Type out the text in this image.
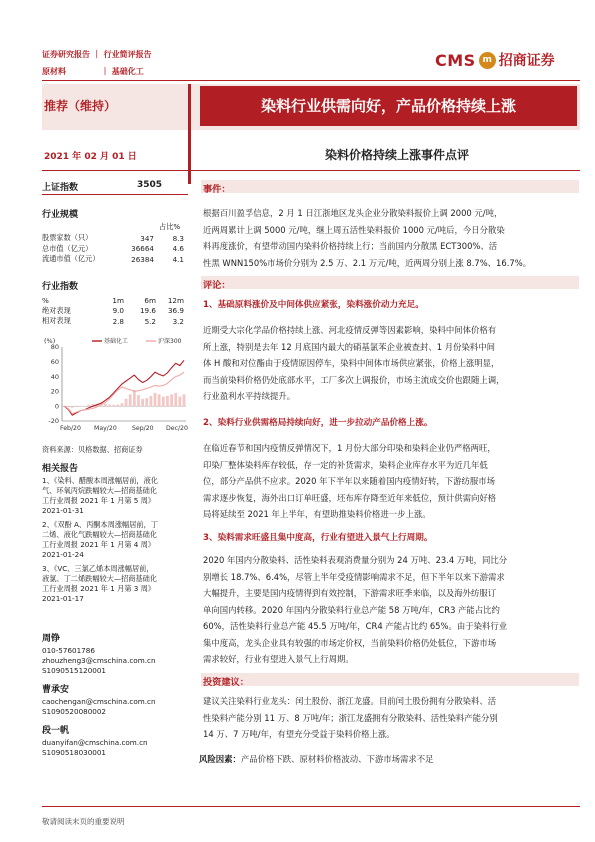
证券研究报告 ｜ 行业简评报告
原材料	｜ 基础化工
CMS m 招商证券
推荐（维持）	染料行业供需向好，产品价格持续上涨
2021 年 02 月 01 日	染料价格持续上涨事件点评
上证指数	3505
行业规模
占比%
股票家数（只）	347	8.3
总市值（亿元）	36664	4.6
流通市值（亿元）	26384	4.1
行业指数
%	1m	6m	12m
绝对表现	9.0	19.6	36.9
相对表现	2.8	5.2	3.2
(%)
80
60
40
20
0
-20
Feb/20 May/20 Sep/20 Dec/20
基础化工	沪深300
资料来源：贝格数据、招商证券
相关报告
1、《染料、醋酸本周涨幅居前，液化
气、环氧丙烷跌幅较大—招商基础化
工行业周报 2021 年 1 月第 5 周》
2021-01-31
2、《双酚 A、丙酮本周涨幅居前，丁
二烯、液化气跌幅较大—招商基础化
工行业周报 2021 年 1 月第 4 周》
2021-01-24
3、《VC、三氯乙烯本周涨幅居前，
液氯、丁二烯跌幅较大—招商基础化
工行业周报 2021 年 1 月第 3 周》
2021-01-17
周铮
010-57601786
zhouzheng3@cmschina.com.cn
S1090515120001
曹承安
caochengan@cmschina.com.cn
S1090520080002
段一帆
duanyifan@cmschina.com.cn
S1090518030001
事件：
根据百川盈孚信息，2 月 1 日江浙地区龙头企业分散染料报价上调 2000 元/吨，
近两周累计上调 5000 元/吨，继上周五活性染料报价 1000 元/吨后，今日分散染
料再度涨价，有望带动国内染料价格持续上行；当前国内分散黑 ECT300%、活
性黑 WNN150%市场价分别为 2.5 万、2.1 万元/吨，近两周分别上涨 8.7%、16.7%。
评论：
1、基础原料涨价及中间体供应紧张，染料涨价动力充足。
近期受大宗化学品价格持续上涨、河北疫情反弹等因素影响，染料中间体价格有
所上涨，特别是去年 12 月底国内最大的硝基氯苯企业被查封、1 月份染料中间
体 H 酸和对位酯由于疫情原因停车，染料中间体市场供应紧张，价格上涨明显，
而当前染料价格仍处底部水平，工厂多次上调报价，市场主流成交价也跟随上调，
行业盈利水平持续提升。
2、染料行业供需格局持续向好，进一步拉动产品价格上涨。
在临近春节和国内疫情反弹情况下，1 月份大部分印染和染料企业仍严格两旺，
印染厂整体染料库存较低，存一定的补货需求，染料企业库存水平为近几年低
位，部分产品供不应求。2020 年下半年以来随着国内疫情好转，下游纺服市场
需求逐步恢复，海外出口订单旺盛，坯布库存降至近年来低位，预计供需向好格
局将延续至 2021 年上半年，有望助推染料价格进一步上涨。
3、染料需求旺盛且集中度高，行业有望进入景气上行周期。
2020 年国内分散染料、活性染料表观消费量分别为 24 万吨、23.4 万吨，同比分
别增长 18.7%、6.4%，尽管上半年受疫情影响需求不足，但下半年以来下游需求
大幅提升，主要是国内疫情得到有效控制，下游需求旺季来临，以及海外纺服订
单向国内转移。2020 年国内分散染料行业总产能 58 万吨/年，CR3 产能占比约
60%，活性染料行业总产能 45.5 万吨/年，CR4 产能占比约 65%。由于染料行业
集中度高，龙头企业具有较强的市场定价权，当前染料价格仍处低位，下游市场
需求较好，行业有望进入景气上行周期。
投资建议：
建议关注染料行业龙头：闰土股份、浙江龙盛。目前闰土股份拥有分散染料、活
性染料产能分别 11 万、8 万吨/年；浙江龙盛拥有分散染料、活性染料产能分别
14 万、7 万吨/年，有望充分受益于染料价格上涨。
风险因素：产品价格下跌、原材料价格波动、下游市场需求不足
敬请阅读末页的重要说明
